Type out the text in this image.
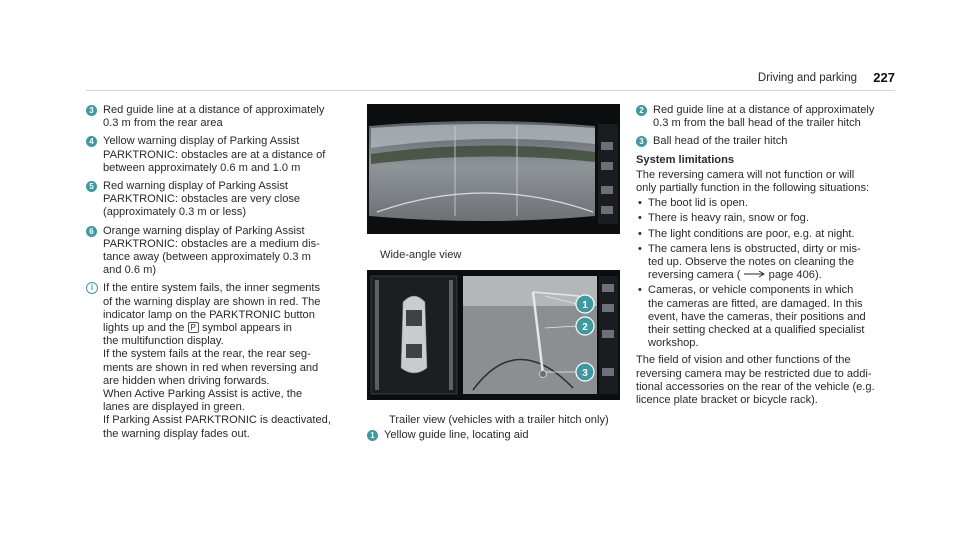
Driving and parking 227
3 Red guide line at a distance of approximately
0.3 m from the rear area
4 Yellow warning display of Parking Assist
PARKTRONIC: obstacles are at a distance of
between approximately 0.6 m and 1.0 m
5 Red warning display of Parking Assist
PARKTRONIC: obstacles are very close
(approximately 0.3 m or less)
6 Orange warning display of Parking Assist
PARKTRONIC: obstacles are a medium dis-
tance away (between approximately 0.3 m
and 0.6 m)
i If the entire system fails, the inner segments
of the warning display are shown in red. The
indicator lamp on the PARKTRONIC button
lights up and the P symbol appears in
the multifunction display.
If the system fails at the rear, the rear seg-
ments are shown in red when reversing and
are hidden when driving forwards.
When Active Parking Assist is active, the
lanes are displayed in green.
If Parking Assist PARKTRONIC is deactivated,
the warning display fades out.
Wide-angle view
1
2
3
Trailer view (vehicles with a trailer hitch only)
1 Yellow guide line, locating aid
2 Red guide line at a distance of approximately
0.3 m from the ball head of the trailer hitch
3 Ball head of the trailer hitch
System limitations
The reversing camera will not function or will
only partially function in the following situations:
• The boot lid is open.
• There is heavy rain, snow or fog.
• The light conditions are poor, e.g. at night.
• The camera lens is obstructed, dirty or mis-
ted up. Observe the notes on cleaning the
reversing camera (	page 406).
• Cameras, or vehicle components in which
the cameras are fitted, are damaged. In this
event, have the cameras, their positions and
their setting checked at a qualified specialist
workshop.
The field of vision and other functions of the
reversing camera may be restricted due to addi-
tional accessories on the rear of the vehicle (e.g.
licence plate bracket or bicycle rack).
